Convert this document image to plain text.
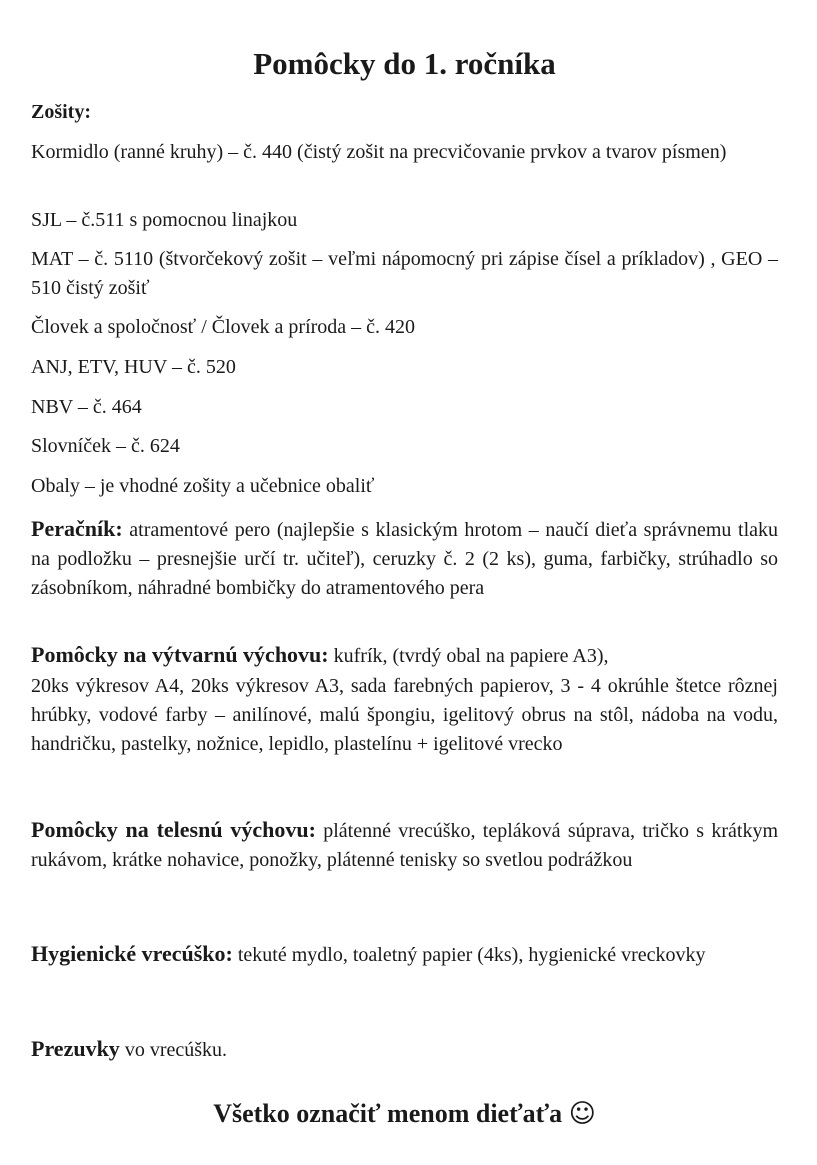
Pomôcky do 1. ročníka

Zošity:

Kormidlo (ranné kruhy) – č. 440 (čistý zošit na precvičovanie prvkov a tvarov písmen)

SJL – č.511 s pomocnou linajkou

MAT – č. 5110 (štvorčekový zošit – veľmi nápomocný pri zápise čísel a príkladov) , GEO – 510 čistý zošiť

Človek a spoločnosť / Človek a príroda – č. 420

ANJ, ETV, HUV – č. 520

NBV – č. 464

Slovníček – č. 624

Obaly – je vhodné zošity a učebnice obaliť

Peračník: atramentové pero (najlepšie s klasickým hrotom – naučí dieťa správnemu tlaku na podložku – presnejšie určí tr. učiteľ), ceruzky č. 2 (2 ks), guma, farbičky, strúhadlo so zásobníkom, náhradné bombičky do atramentového pera

Pomôcky na výtvarnú výchovu: kufrík, (tvrdý obal na papiere A3),

20ks výkresov A4, 20ks výkresov A3, sada farebných papierov, 3 - 4 okrúhle štetce rôznej hrúbky, vodové farby – anilínové, malú špongiu, igelitový obrus na stôl, nádoba na vodu, handričku, pastelky, nožnice, lepidlo, plastelínu + igelitové vrecko

Pomôcky na telesnú výchovu: plátenné vrecúško, tepláková súprava, tričko s krátkym rukávom, krátke nohavice, ponožky, plátenné tenisky so svetlou podrážkou

Hygienické vrecúško: tekuté mydlo, toaletný papier (4ks), hygienické vreckovky

Prezuvky vo vrecúšku.

Všetko označiť menom dieťaťa ☺
